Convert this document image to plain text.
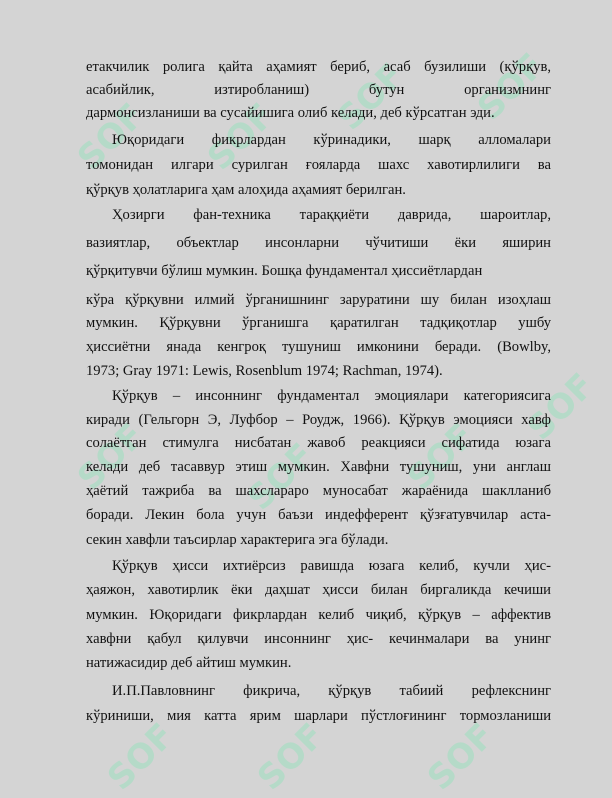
SOF SOF SOF SOF
SOF	SOF SOF
SOF
SOF SOF	SOF
етакчилик ролига қайта аҳамият бериб, асаб бузилиши (қўрқув,
асабийлик, изтиробланиш) бутун организмнинг
дармонсизланиши ва сусайишига олиб келади, деб кўрсатган эди.
Юқоридаги фикрлардан кўринадики, шарқ алломалари
томонидан илгари сурилган ғояларда шахс хавотирлилиги ва
қўрқув ҳолатларига ҳам алоҳида аҳамият берилган.
Ҳозирги фан-техника тараққиёти даврида, шароитлар,
вазиятлар, объектлар инсонларни чўчитиши ёки яширин
қўрқитувчи бўлиш мумкин. Бошқа фундаментал ҳиссиётлардан
кўра қўрқувни илмий ўрганишнинг заруратини шу билан изоҳлаш
мумкин. Қўрқувни ўрганишга қаратилган тадқиқотлар ушбу
ҳиссиётни янада кенгроқ тушуниш имконини беради. (Bowlby,
1973; Gray 1971: Lewis, Rosenblum 1974; Rachman, 1974).
Қўрқув – инсоннинг фундаментал эмоциялари категориясига
киради (Гельгорн Э, Луфбор – Роудж, 1966). Қўрқув эмоцияси хавф
солаётган стимулга нисбатан жавоб реакцияси сифатида юзага
келади деб тасаввур этиш мумкин. Хавфни тушуниш, уни англаш
ҳаётий тажриба ва шахслараро муносабат жараёнида шаклланиб
боради. Лекин бола учун баъзи индефферент қўзғатувчилар аста-
секин хавфли таъсирлар характерига эга бўлади.
Қўрқув ҳисси ихтиёрсиз равишда юзага келиб, кучли ҳис-
ҳаяжон, хавотирлик ёки даҳшат ҳисси билан биргаликда кечиши
мумкин. Юқоридаги фикрлардан келиб чиқиб, қўрқув – аффектив
хавфни қабул қилувчи инсоннинг ҳис- кечинмалари ва унинг
натижасидир деб айтиш мумкин.
И.П.Павловнинг фикрича, қўрқув табиий рефлекснинг
кўриниши, мия катта ярим шарлари пўстлоғининг тормозланиши
